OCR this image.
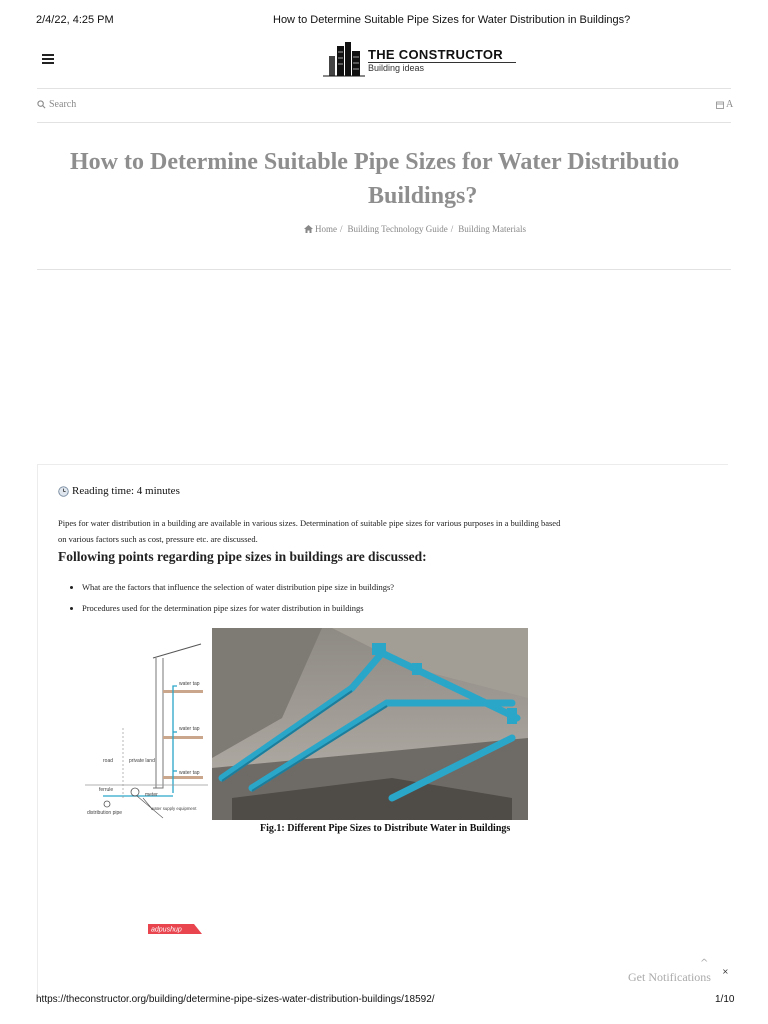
2/4/22, 4:25 PM	How to Determine Suitable Pipe Sizes for Water Distribution in Buildings?
THE CONSTRUCTOR
Building ideas
Search	A
How to Determine Suitable Pipe Sizes for Water Distributio
Buildings?
Home / Building Technology Guide / Building Materials
Reading time: 4 minutes

Pipes for water distribution in a building are available in various sizes. Determination of suitable pipe sizes for various purposes in a building based on various factors such as cost, pressure etc. are discussed.

Following points regarding pipe sizes in buildings are discussed:
• What are the factors that influence the selection of water distribution pipe size in buildings?
• Procedures used for the determination pipe sizes for water distribution in buildings
water tap
water tap
water tap
road	private land
ferrule
meter
distribution pipe
water supply equipment
Fig.1: Different Pipe Sizes to Distribute Water in Buildings
adpushup
^
Get Notifications ×
https://theconstructor.org/building/determine-pipe-sizes-water-distribution-buildings/18592/	1/10
